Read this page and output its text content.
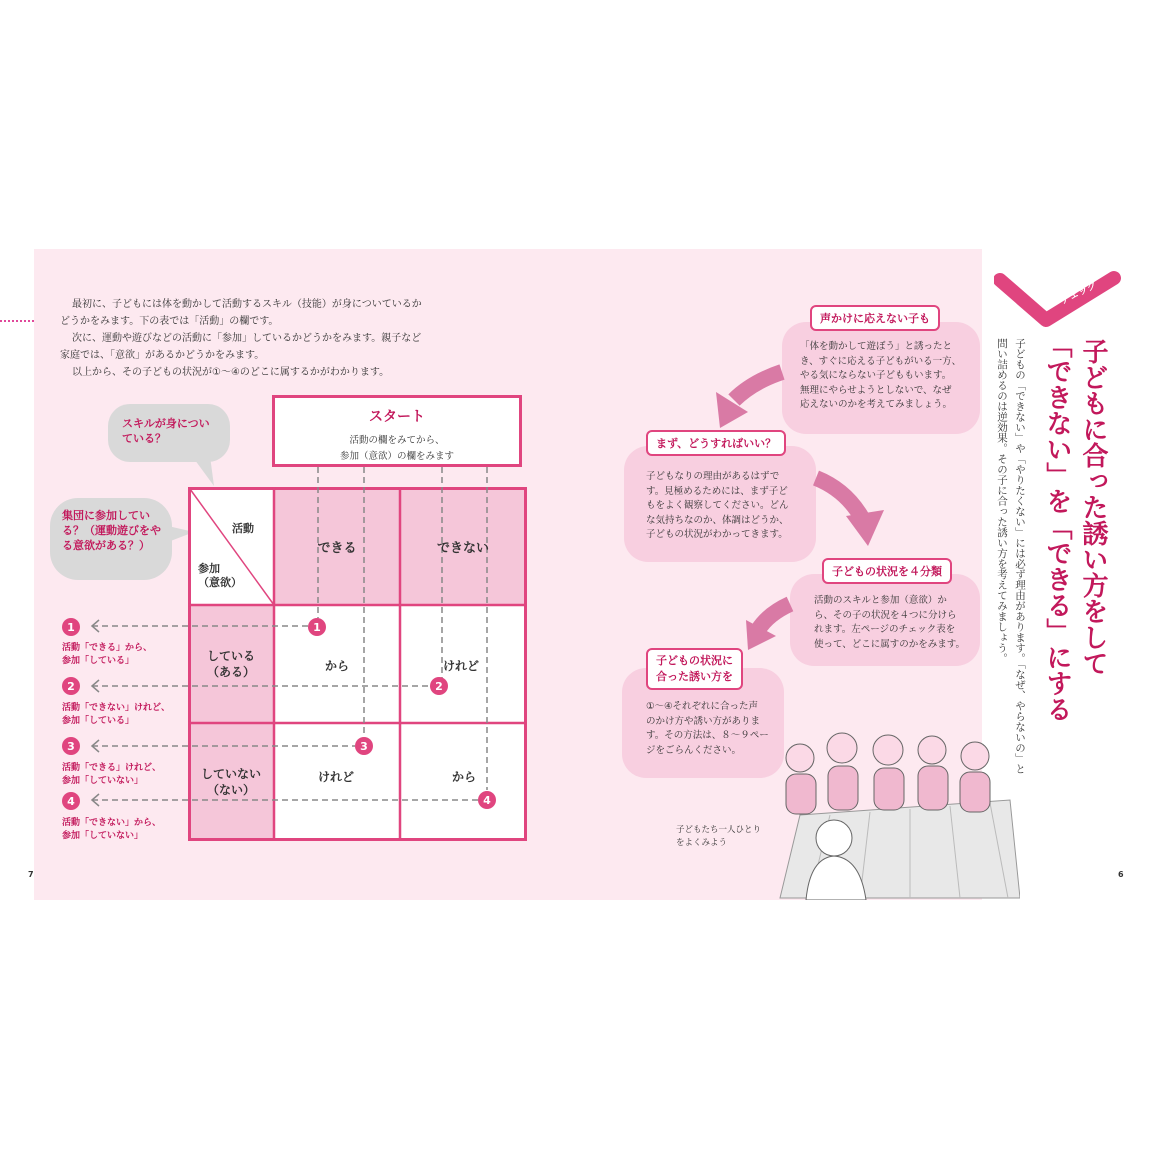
最初に、子どもには体を動かして活動するスキル（技能）が身についているかどうかをみます。下の表では「活動」の欄です。

次に、運動や遊びなどの活動に「参加」しているかどうかをみます。親子など家庭では、「意欲」があるかどうかをみます。

以上から、その子どもの状況が①〜④のどこに属するかがわかります。

スキルが身についている？
集団に参加している？（運動遊びをやる意欲がある？）
スタート
活動の欄をみてから、
参加（意欲）の欄をみます
活動
参加
（意欲）
できる	できない
している
（ある）
していない
（ない）
から	けれど
けれど	から
1
2
3
4
1
活動「できる」から、
参加「している」
2
活動「できない」けれど、
参加「している」
3
活動「できる」けれど、
参加「していない」
4
活動「できない」から、
参加「していない」
7	6
声かけに応えない子も
「体を動かして遊ぼう」と誘ったと
き、すぐに応える子どもがいる一方、
やる気にならない子どももいます。
無理にやらせようとしないで、なぜ
応えないのかを考えてみましょう。
まず、どうすればいい？
子どもなりの理由があるはずで
す。見極めるためには、まず子ど
もをよく観察してください。どん
な気持ちなのか、体調はどうか、
子どもの状況がわかってきます。
子どもの状況を４分類
活動のスキルと参加（意欲）か
ら、その子の状況を４つに分けら
れます。左ページのチェック表を
使って、どこに属すのかをみます。
子どもの状況に
合った誘い方を
①〜④それぞれに合った声
のかけ方や誘い方がありま
す。その方法は、８〜９ペー
ジをごらんください。
チェック
子どもに合った誘い方をして
「できない」を「できる」にする
子どもの「できない」や「やりたくない」には必ず理由があります。「なぜ、やらないの」と
問い詰めるのは逆効果。その子に合った誘い方を考えてみましょう。
子どもたち一人ひとり
をよくみよう
